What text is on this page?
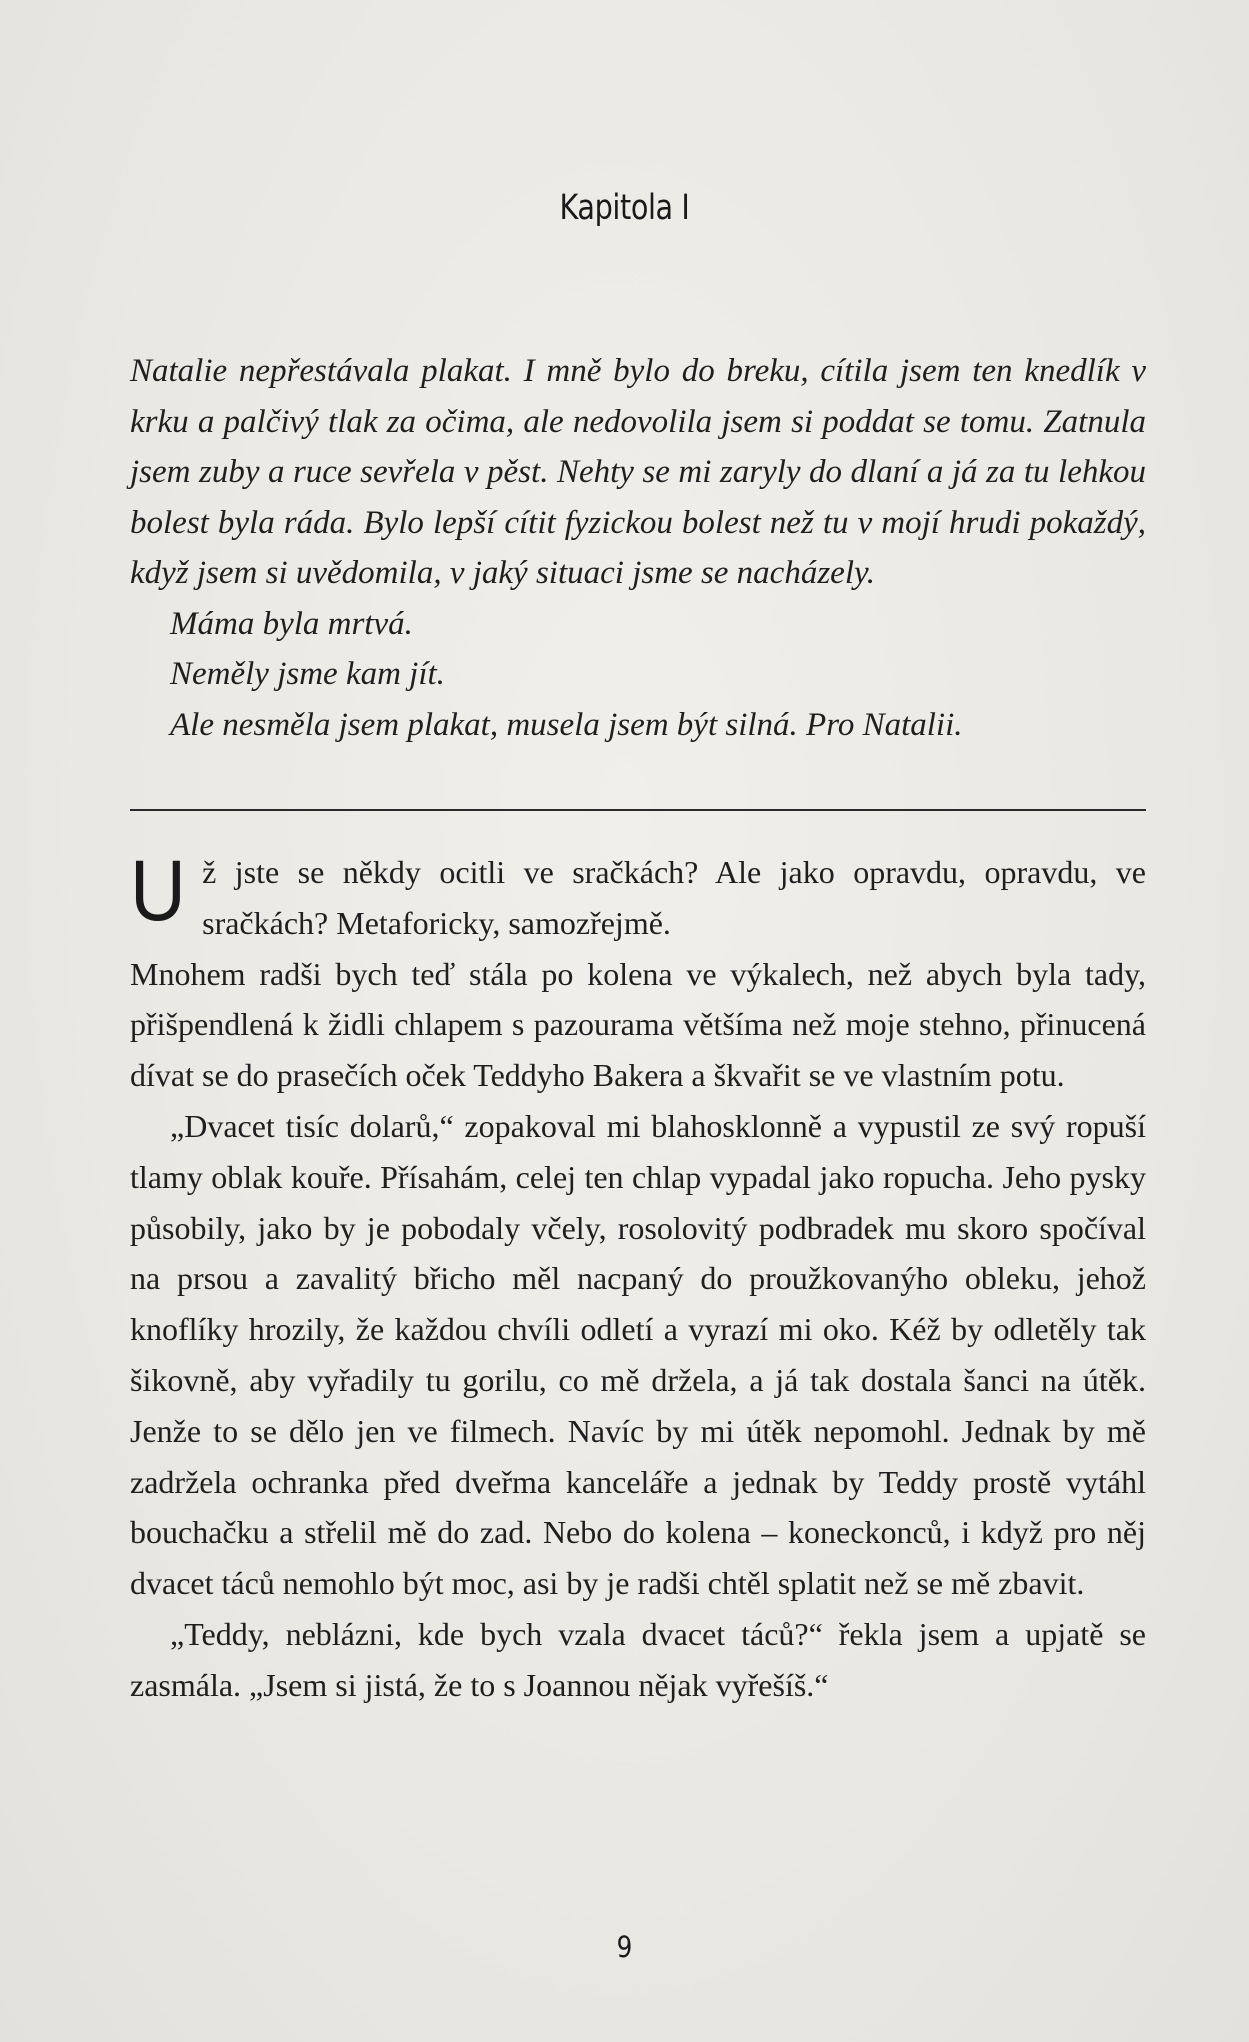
Kapitola I

Natalie nepřestávala plakat. I mně bylo do breku, cítila jsem ten knedlík v krku a palčivý tlak za očima, ale nedovolila jsem si poddat se tomu. Zatnula jsem zuby a ruce sevřela v pěst. Nehty se mi zaryly do dlaní a já za tu lehkou bolest byla ráda. Bylo lepší cítit fyzickou bolest než tu v mojí hrudi pokaždý, když jsem si uvědomila, v jaký situaci jsme se nacházely.

Máma byla mrtvá.

Neměly jsme kam jít.

Ale nesměla jsem plakat, musela jsem být silná. Pro Natalii.

Už jste se někdy ocitli ve sračkách? Ale jako opravdu, opravdu, ve sračkách? Metaforicky, samozřejmě.

Mnohem radši bych teď stála po kolena ve výkalech, než abych byla tady, přišpendlená k židli chlapem s pazourama většíma než moje stehno, přinucená dívat se do prasečích oček Teddyho Bakera a škvařit se ve vlastním potu.

„Dvacet tisíc dolarů,“ zopakoval mi blahosklonně a vypustil ze svý ropuší tlamy oblak kouře. Přísahám, celej ten chlap vypadal jako ropucha. Jeho pysky působily, jako by je pobodaly včely, rosolovitý podbradek mu skoro spočíval na prsou a zavalitý břicho měl nacpaný do proužkovanýho obleku, jehož knoflíky hrozily, že každou chvíli odletí a vyrazí mi oko. Kéž by odletěly tak šikovně, aby vyřadily tu gorilu, co mě držela, a já tak dostala šanci na útěk. Jenže to se dělo jen ve filmech. Navíc by mi útěk nepomohl. Jednak by mě zadržela ochranka před dveřma kanceláře a jednak by Teddy prostě vytáhl bouchačku a střelil mě do zad. Nebo do kolena – koneckonců, i když pro něj dvacet táců nemohlo být moc, asi by je radši chtěl splatit než se mě zbavit.

„Teddy, neblázni, kde bych vzala dvacet táců?“ řekla jsem a upjatě se zasmála. „Jsem si jistá, že to s Joannou nějak vyřešíš.“

9
